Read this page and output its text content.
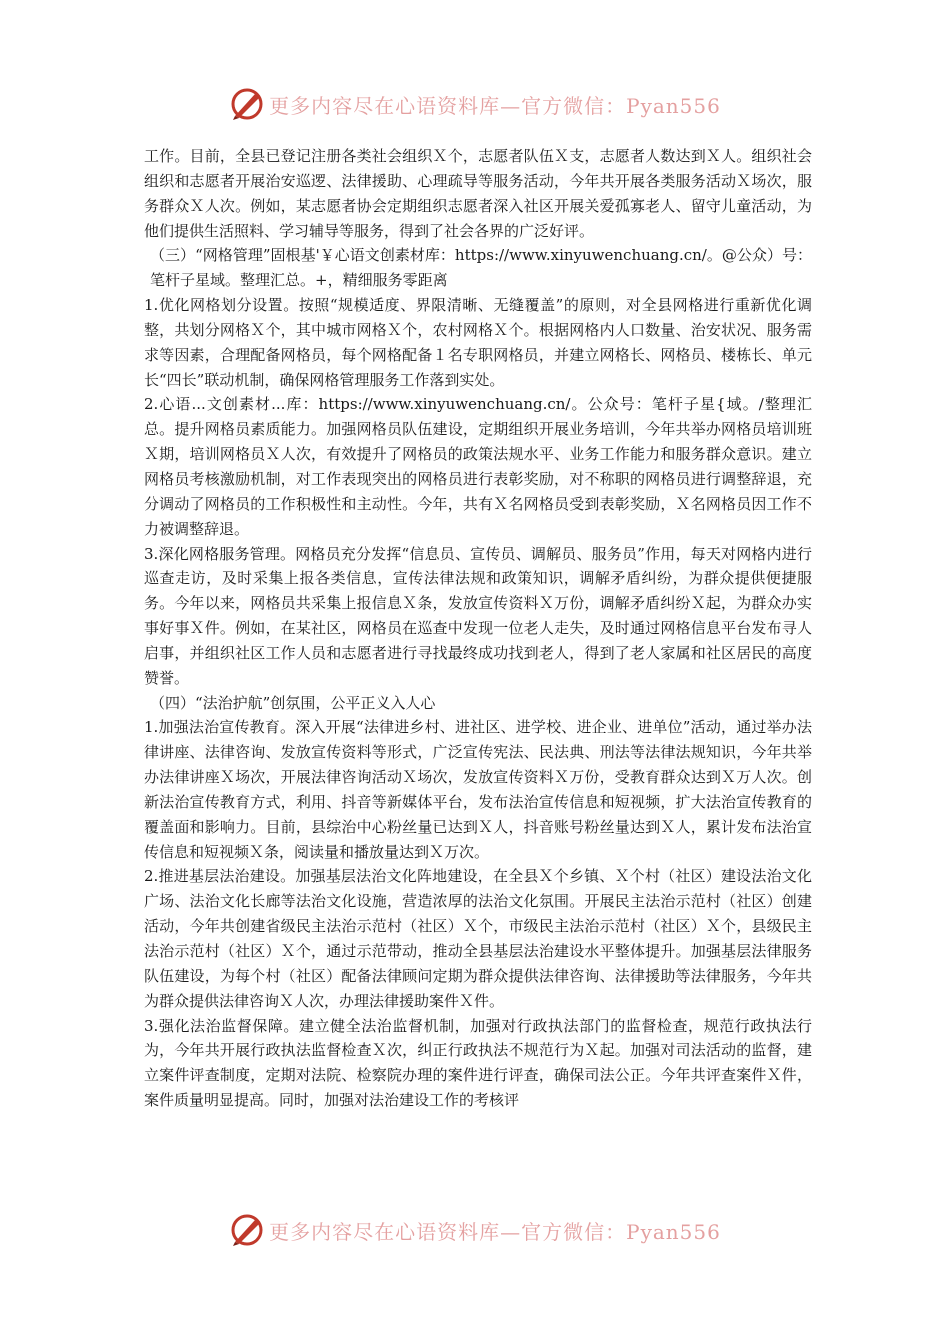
更多内容尽在心语资料库—官方微信：Pyan556

工作。目前，全县已登记注册各类社会组织Ｘ个，志愿者队伍Ｘ支，志愿者人数达到Ｘ人。组织社会组织和志愿者开展治安巡逻、法律援助、心理疏导等服务活动，今年共开展各类服务活动Ｘ场次，服务群众Ｘ人次。例如，某志愿者协会定期组织志愿者深入社区开展关爱孤寡老人、留守儿童活动，为他们提供生活照料、学习辅导等服务，得到了社会各界的广泛好评。

（三）“网格管理”固根基'￥心语文创素材库：https://www.xinyuwenchuang.cn/。@公众）号：笔杆子星域。整理汇总。+，精细服务零距离

1.优化网格划分设置。按照“规模适度、界限清晰、无缝覆盖”的原则，对全县网格进行重新优化调整，共划分网格Ｘ个，其中城市网格Ｘ个，农村网格Ｘ个。根据网格内人口数量、治安状况、服务需求等因素，合理配备网格员，每个网格配备１名专职网格员，并建立网格长、网格员、楼栋长、单元长“四长”联动机制，确保网格管理服务工作落到实处。

2.心语...文创素材...库：https://www.xinyuwenchuang.cn/。公众号：笔杆子星{域。/整理汇总。提升网格员素质能力。加强网格员队伍建设，定期组织开展业务培训，今年共举办网格员培训班Ｘ期，培训网格员Ｘ人次，有效提升了网格员的政策法规水平、业务工作能力和服务群众意识。建立网格员考核激励机制，对工作表现突出的网格员进行表彰奖励，对不称职的网格员进行调整辞退，充分调动了网格员的工作积极性和主动性。今年，共有Ｘ名网格员受到表彰奖励，Ｘ名网格员因工作不力被调整辞退。

3.深化网格服务管理。网格员充分发挥“信息员、宣传员、调解员、服务员”作用，每天对网格内进行巡查走访，及时采集上报各类信息，宣传法律法规和政策知识，调解矛盾纠纷，为群众提供便捷服务。今年以来，网格员共采集上报信息Ｘ条，发放宣传资料Ｘ万份，调解矛盾纠纷Ｘ起，为群众办实事好事Ｘ件。例如，在某社区，网格员在巡查中发现一位老人走失，及时通过网格信息平台发布寻人启事，并组织社区工作人员和志愿者进行寻找最终成功找到老人，得到了老人家属和社区居民的高度赞誉。

（四）“法治护航”创氛围，公平正义入人心

1.加强法治宣传教育。深入开展“法律进乡村、进社区、进学校、进企业、进单位”活动，通过举办法律讲座、法律咨询、发放宣传资料等形式，广泛宣传宪法、民法典、刑法等法律法规知识，今年共举办法律讲座Ｘ场次，开展法律咨询活动Ｘ场次，发放宣传资料Ｘ万份，受教育群众达到Ｘ万人次。创新法治宣传教育方式，利用、抖音等新媒体平台，发布法治宣传信息和短视频，扩大法治宣传教育的覆盖面和影响力。目前，县综治中心粉丝量已达到Ｘ人，抖音账号粉丝量达到Ｘ人，累计发布法治宣传信息和短视频Ｘ条，阅读量和播放量达到Ｘ万次。

2.推进基层法治建设。加强基层法治文化阵地建设，在全县Ｘ个乡镇、Ｘ个村（社区）建设法治文化广场、法治文化长廊等法治文化设施，营造浓厚的法治文化氛围。开展民主法治示范村（社区）创建活动，今年共创建省级民主法治示范村（社区）Ｘ个，市级民主法治示范村（社区）Ｘ个，县级民主法治示范村（社区）Ｘ个，通过示范带动，推动全县基层法治建设水平整体提升。加强基层法律服务队伍建设，为每个村（社区）配备法律顾问定期为群众提供法律咨询、法律援助等法律服务，今年共为群众提供法律咨询Ｘ人次，办理法律援助案件Ｘ件。

3.强化法治监督保障。建立健全法治监督机制，加强对行政执法部门的监督检查，规范行政执法行为，今年共开展行政执法监督检查Ｘ次，纠正行政执法不规范行为Ｘ起。加强对司法活动的监督，建立案件评查制度，定期对法院、检察院办理的案件进行评查，确保司法公正。今年共评查案件Ｘ件，案件质量明显提高。同时，加强对法治建设工作的考核评

更多内容尽在心语资料库—官方微信：Pyan556
